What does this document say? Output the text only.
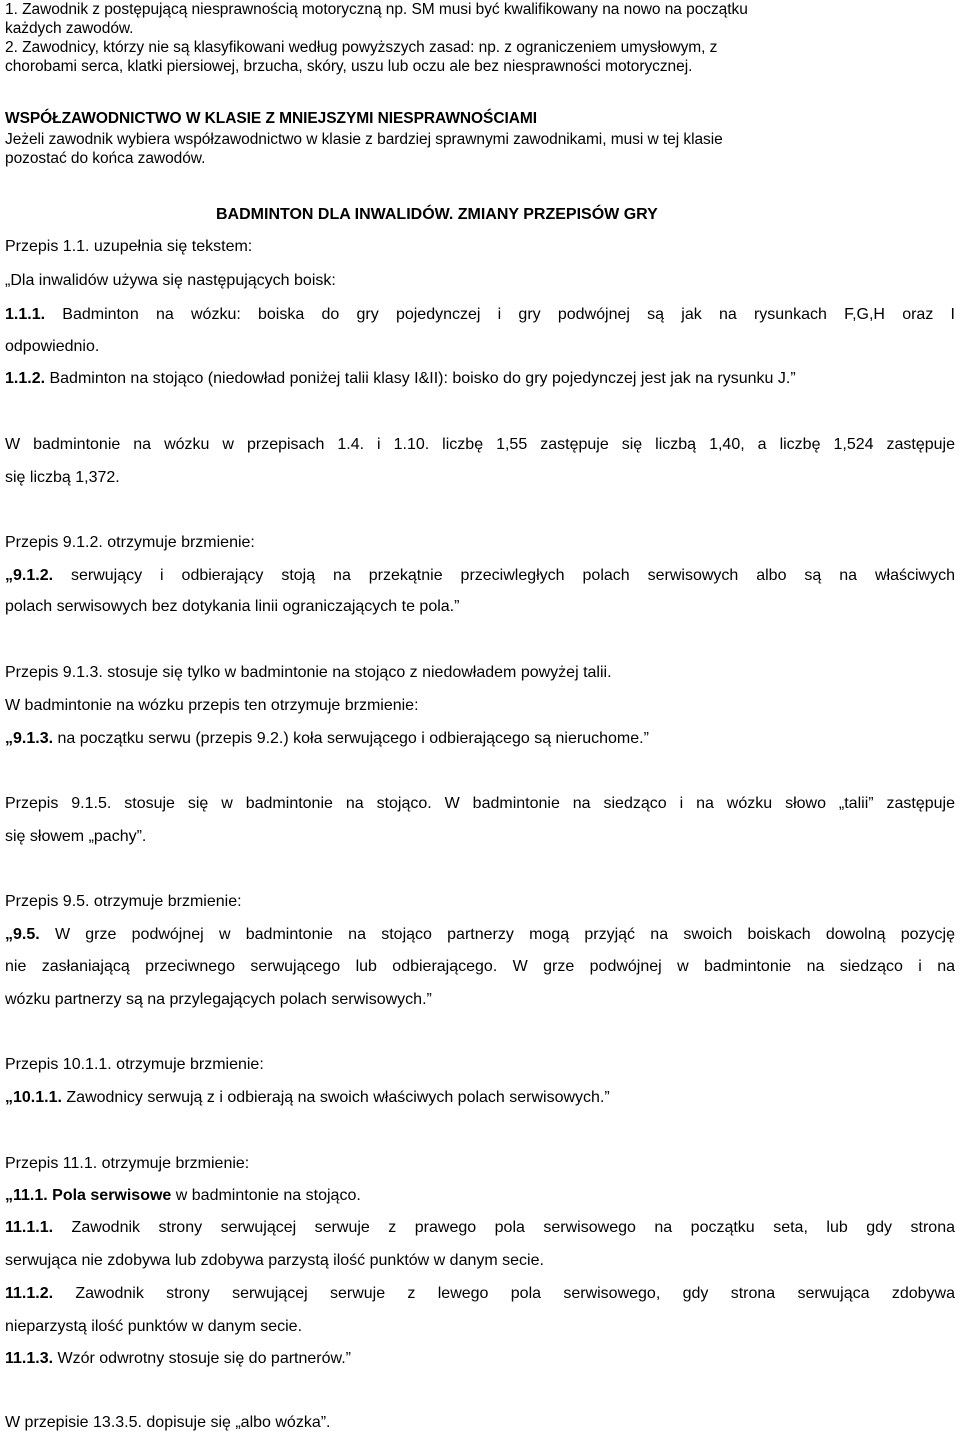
1. Zawodnik z postępującą niesprawnością motoryczną np. SM musi być kwalifikowany na nowo na początku
każdych zawodów.
2. Zawodnicy, którzy nie są klasyfikowani według powyższych zasad: np. z ograniczeniem umysłowym, z
chorobami serca, klatki piersiowej, brzucha, skóry, uszu lub oczu ale bez niesprawności motorycznej.
WSPÓŁZAWODNICTWO W KLASIE Z MNIEJSZYMI NIESPRAWNOŚCIAMI
Jeżeli zawodnik wybiera współzawodnictwo w klasie z bardziej sprawnymi zawodnikami, musi w tej klasie
pozostać do końca zawodów.
BADMINTON DLA INWALIDÓW. ZMIANY PRZEPISÓW GRY
Przepis 1.1. uzupełnia się tekstem:
„Dla inwalidów używa się następujących boisk:
1.1.1. Badminton na wózku: boiska do gry pojedynczej i gry podwójnej są jak na rysunkach F,G,H oraz I
odpowiednio.
1.1.2. Badminton na stojąco (niedowład poniżej talii klasy I&II): boisko do gry pojedynczej jest jak na rysunku J.”
W badmintonie na wózku w przepisach 1.4. i 1.10. liczbę 1,55 zastępuje się liczbą 1,40, a liczbę 1,524 zastępuje
się liczbą 1,372.
Przepis 9.1.2. otrzymuje brzmienie:
„9.1.2. serwujący i odbierający stoją na przekątnie przeciwległych polach serwisowych albo są na właściwych
polach serwisowych bez dotykania linii ograniczających te pola.”
Przepis 9.1.3. stosuje się tylko w badmintonie na stojąco z niedowładem powyżej talii.
W badmintonie na wózku przepis ten otrzymuje brzmienie:
„9.1.3. na początku serwu (przepis 9.2.) koła serwującego i odbierającego są nieruchome.”
Przepis 9.1.5. stosuje się w badmintonie na stojąco. W badmintonie na siedząco i na wózku słowo „talii” zastępuje
się słowem „pachy”.
Przepis 9.5. otrzymuje brzmienie:
„9.5. W grze podwójnej w badmintonie na stojąco partnerzy mogą przyjąć na swoich boiskach dowolną pozycję
nie zasłaniającą przeciwnego serwującego lub odbierającego. W grze podwójnej w badmintonie na siedząco i na
wózku partnerzy są na przylegających polach serwisowych.”
Przepis 10.1.1. otrzymuje brzmienie:
„10.1.1. Zawodnicy serwują z i odbierają na swoich właściwych polach serwisowych.”
Przepis 11.1. otrzymuje brzmienie:
„11.1. Pola serwisowe w badmintonie na stojąco.
11.1.1. Zawodnik strony serwującej serwuje z prawego pola serwisowego na początku seta, lub gdy strona
serwująca nie zdobywa lub zdobywa parzystą ilość punktów w danym secie.
11.1.2. Zawodnik strony serwującej serwuje z lewego pola serwisowego, gdy strona serwująca zdobywa
nieparzystą ilość punktów w danym secie.
11.1.3. Wzór odwrotny stosuje się do partnerów.”
W przepisie 13.3.5. dopisuje się „albo wózka”.
